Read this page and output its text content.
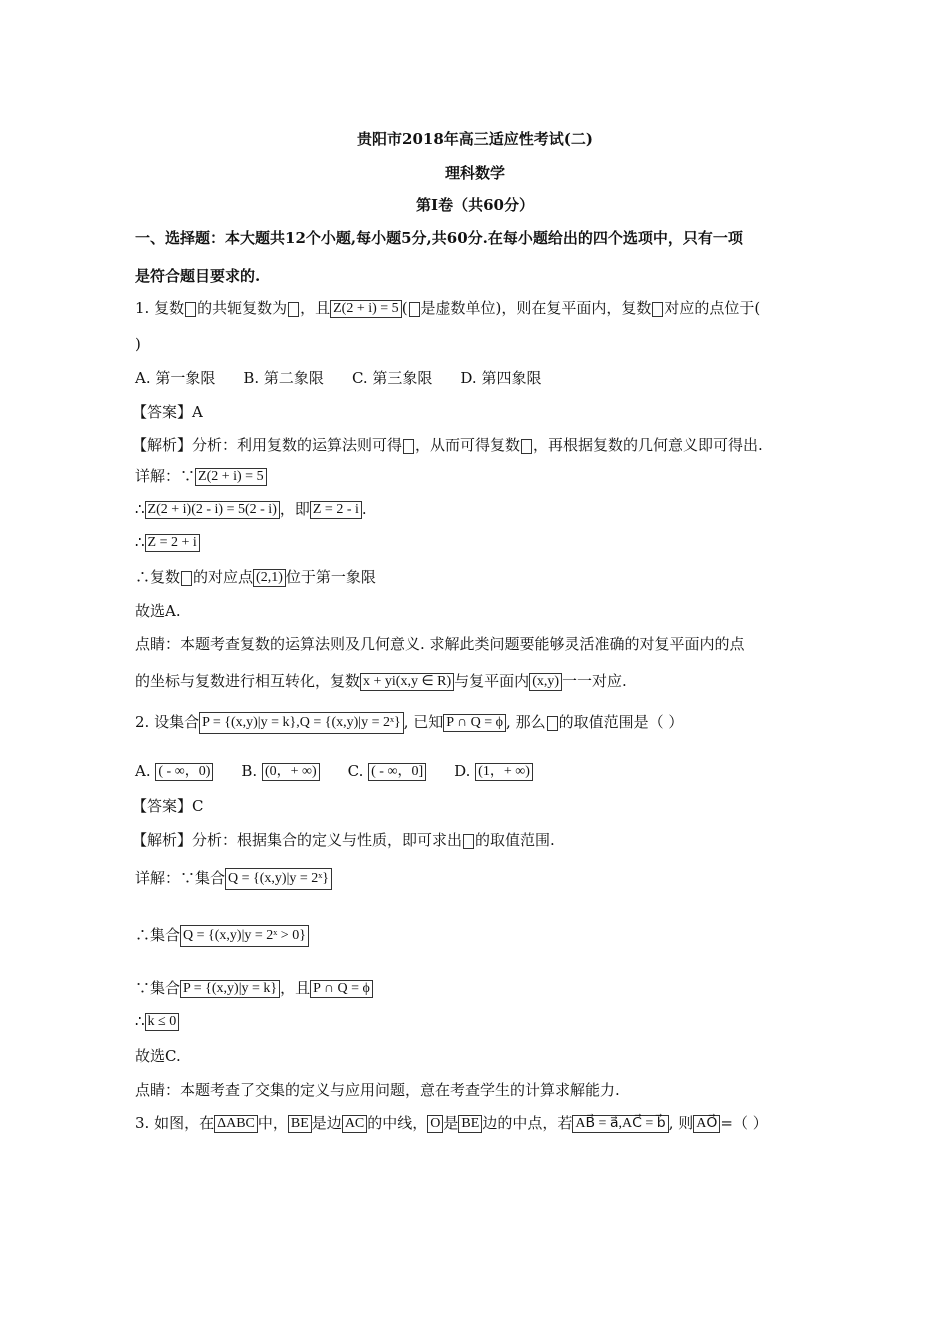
贵阳市2018年高三适应性考试(二)
理科数学
第Ⅰ卷（共60分）
一、选择题：本大题共12个小题,每小题5分,共60分.在每小题给出的四个选项中，只有一项
是符合题目要求的.
1. 复数 的共轭复数为 ，且 Z(2 + i) = 5 ( 是虚数单位)，则在复平面内，复数 对应的点位于(
)
A. 第一象限 B. 第二象限 C. 第三象限 D. 第四象限
【答案】A
【解析】分析：利用复数的运算法则可得 ，从而可得复数 ，再根据复数的几何意义即可得出.
详解：∵ Z(2 + i) = 5
∴ Z(2 + i)(2 - i) = 5(2 - i) ，即 Z = 2 - i .
∴ Z = 2 + i
∴复数 的对应点 (2,1) 位于第一象限
故选A.
点睛：本题考查复数的运算法则及几何意义. 求解此类问题要能够灵活准确的对复平面内的点
的坐标与复数进行相互转化，复数 x + yi(x,y ∈ R) 与复平面内 (x,y) 一一对应.
2. 设集合 P = {(x,y)|y = k},Q = {(x,y)|y = 2ˣ} , 已知 P ∩ Q = ϕ , 那么 的取值范围是（ ）
A. ( - ∞，0) B. (0，+ ∞) C. ( - ∞，0] D. (1，+ ∞)
【答案】C
【解析】分析：根据集合的定义与性质，即可求出 的取值范围.
详解：∵集合 Q = {(x,y)|y = 2ˣ}
∴集合 Q = {(x,y)|y = 2ˣ > 0}
∵集合 P = {(x,y)|y = k} ，且 P ∩ Q = ϕ
∴ k ≤ 0
故选C.
点睛：本题考查了交集的定义与应用问题，意在考查学生的计算求解能力.
3. 如图，在 ΔABC 中， BE 是边 AC 的中线， O 是 BE 边的中点，若 AB⃗ = a⃗,AC⃗ = b⃗ , 则 AO⃗ =（ ）
